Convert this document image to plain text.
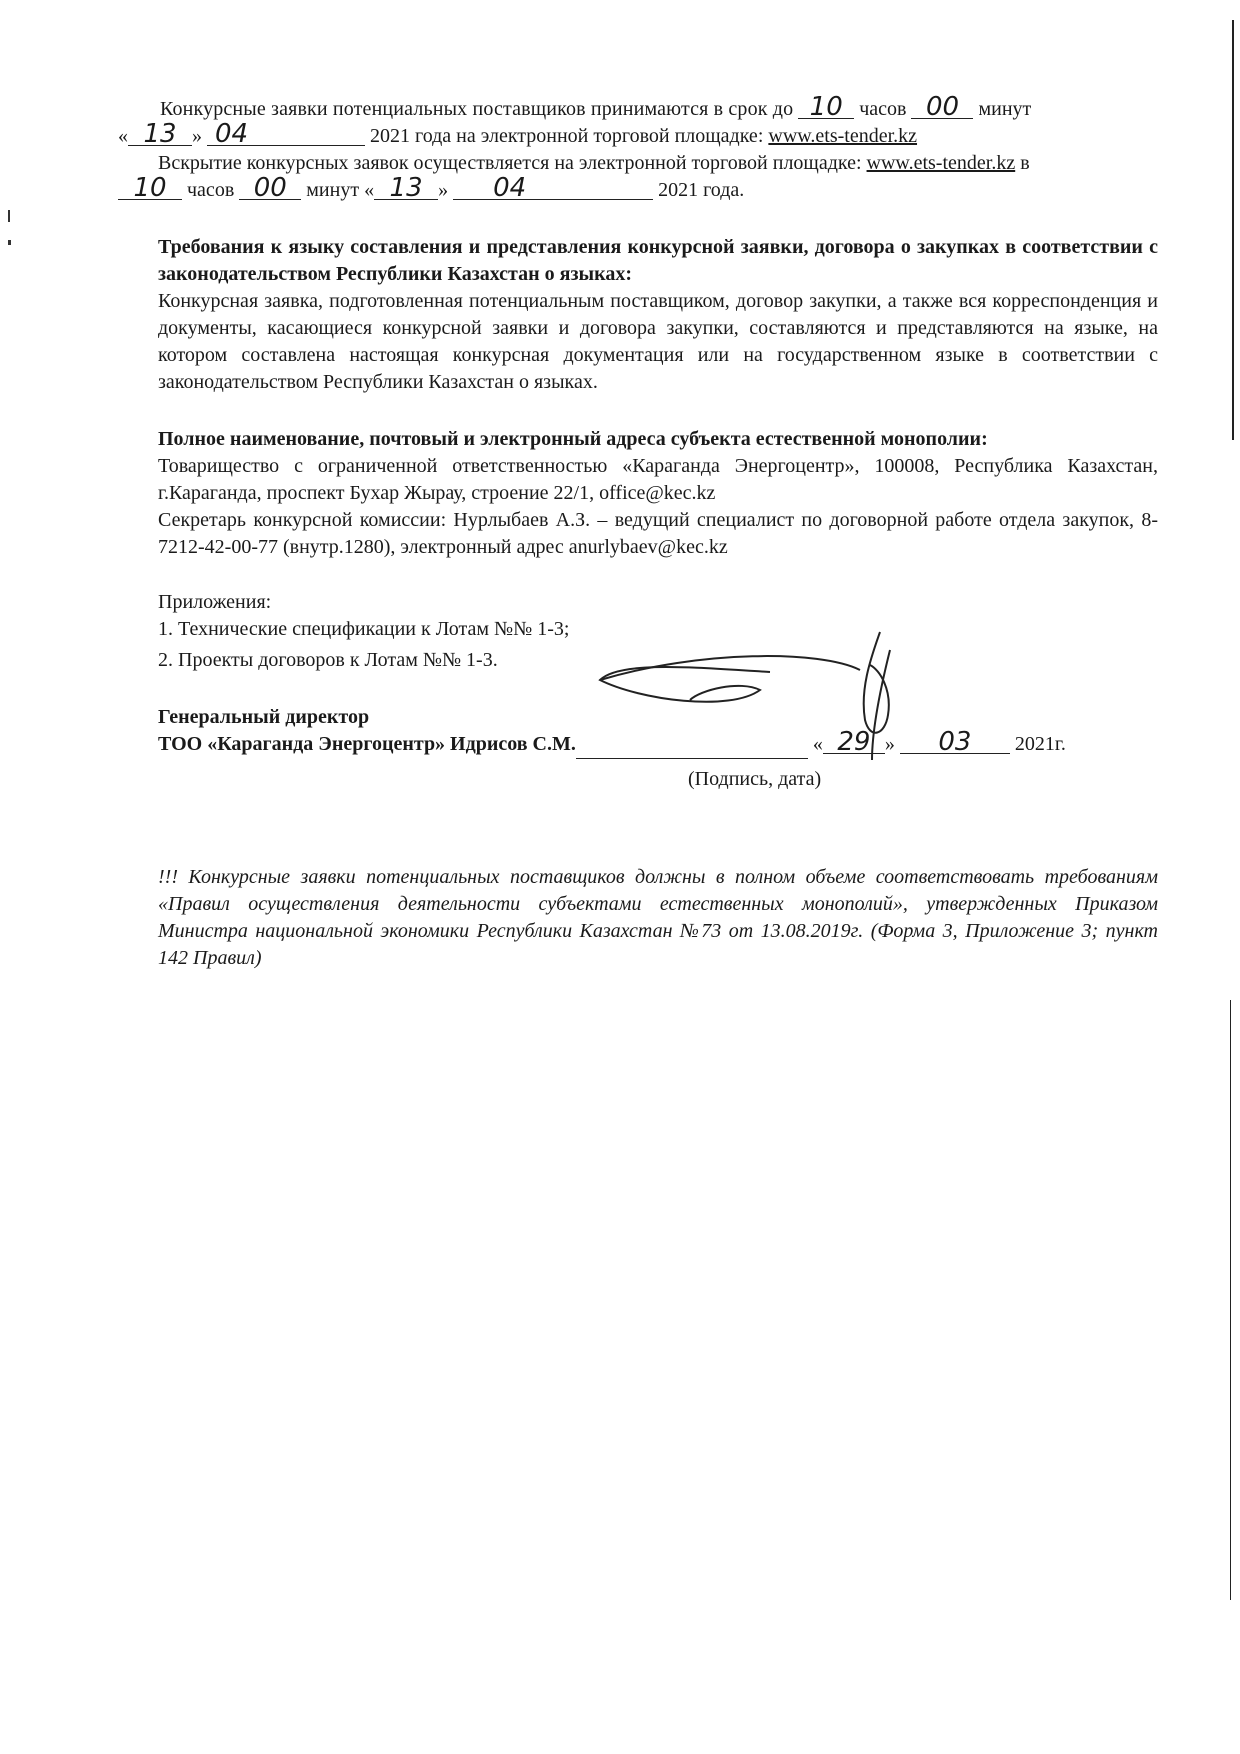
Конкурсные заявки потенциальных поставщиков принимаются в срок до 10 часов 00 минут
« 13 » 04	2021 года на электронной торговой площадке: www.ets-tender.kz

Вскрытие конкурсных заявок осуществляется на электронной торговой площадке: www.ets-tender.kz в
10 часов 00 минут « 13 » 04	2021 года.

Требования к языку составления и представления конкурсной заявки, договора о закупках в соответствии с законодательством Республики Казахстан о языках:

Конкурсная заявка, подготовленная потенциальным поставщиком, договор закупки, а также вся корреспонденция и документы, касающиеся конкурсной заявки и договора закупки, составляются и представляются на языке, на котором составлена настоящая конкурсная документация или на государственном языке в соответствии с законодательством Республики Казахстан о языках.

Полное наименование, почтовый и электронный адреса субъекта естественной монополии:

Товарищество с ограниченной ответственностью «Караганда Энергоцентр», 100008, Республика Казахстан, г.Караганда, проспект Бухар Жырау, строение 22/1, office@kec.kz

Секретарь конкурсной комиссии: Нурлыбаев А.З. – ведущий специалист по договорной работе отдела закупок, 8-7212-42-00-77 (внутр.1280), электронный адрес anurlybaev@kec.kz

Приложения:

1. Технические спецификации к Лотам №№ 1-3;
2. Проекты договоров к Лотам №№ 1-3.

Генеральный директор

ТОО «Караганда Энергоцентр» Идрисов С.М.	« 29 » 03 2021г.

(Подпись, дата)

!!! Конкурсные заявки потенциальных поставщиков должны в полном объеме соответствовать требованиям «Правил осуществления деятельности субъектами естественных монополий», утвержденных Приказом Министра национальной экономики Республики Казахстан №73 от 13.08.2019г. (Форма 3, Приложение 3; пункт 142 Правил)
